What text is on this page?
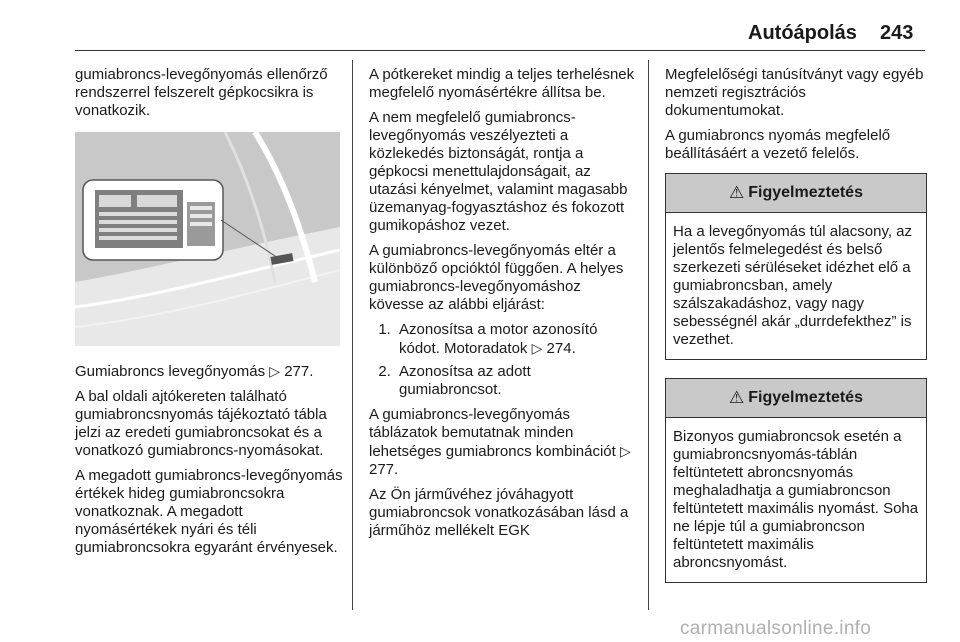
Autóápolás 243

gumiabroncs-levegőnyomás ellenőrző rendszerrel felszerelt gépkocsikra is vonatkozik.

Gumiabroncs levegőnyomás ▷ 277.

A bal oldali ajtókereten található gumiabroncsnyomás tájékoztató tábla jelzi az eredeti gumiabroncsokat és a vonatkozó gumiabroncs-nyomásokat.

A megadott gumiabroncs-levegőnyomás értékek hideg gumiabroncsokra vonatkoznak. A megadott nyomásértékek nyári és téli gumiabroncsokra egyaránt érvényesek.

A pótkereket mindig a teljes terhelésnek megfelelő nyomásértékre állítsa be.

A nem megfelelő gumiabroncs-levegőnyomás veszélyezteti a közlekedés biztonságát, rontja a gépkocsi menettulajdonságait, az utazási kényelmet, valamint magasabb üzemanyag-fogyasztáshoz és fokozott gumikopáshoz vezet.

A gumiabroncs-levegőnyomás eltér a különböző opcióktól függően. A helyes gumiabroncs-levegőnyomáshoz kövesse az alábbi eljárást:

1. Azonosítsa a motor azonosító kódot. Motoradatok ▷ 274.
2. Azonosítsa az adott gumiabroncsot.

A gumiabroncs-levegőnyomás táblázatok bemutatnak minden lehetséges gumiabroncs kombinációt ▷ 277.

Az Ön járművéhez jóváhagyott gumiabroncsok vonatkozásában lásd a járműhöz mellékelt EGK

Megfelelőségi tanúsítványt vagy egyéb nemzeti regisztrációs dokumentumokat.

A gumiabroncs nyomás megfelelő beállításáért a vezető felelős.

⚠ Figyelmeztetés
Ha a levegőnyomás túl alacsony, az jelentős felmelegedést és belső szerkezeti sérüléseket idézhet elő a gumiabroncsban, amely szálszakadáshoz, vagy nagy sebességnél akár „durrdefekthez” is vezethet.
⚠ Figyelmeztetés
Bizonyos gumiabroncsok esetén a gumiabroncsnyomás-táblán feltüntetett abroncsnyomás meghaladhatja a gumiabroncson feltüntetett maximális nyomást. Soha ne lépje túl a gumiabroncson feltüntetett maximális abroncsnyomást.
carmanualsonline.info
